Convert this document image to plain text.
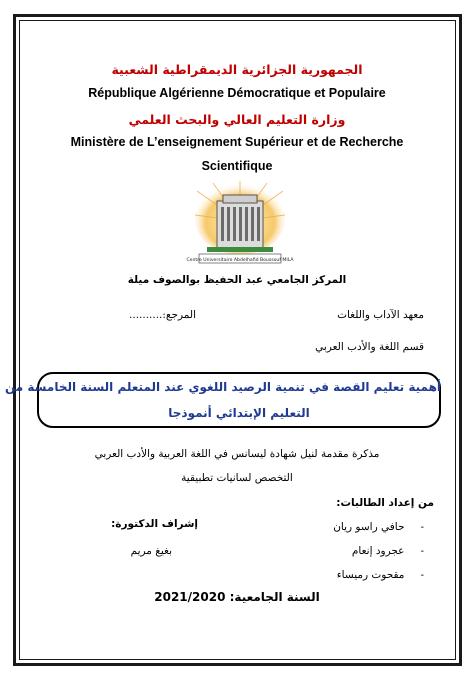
الجمهورية الجزائرية الديمقراطية الشعبية
République Algérienne Démocratique et Populaire
وزارة التعليم العالي والبحث العلمي
Ministère de L’enseignement Supérieur et de Recherche
Scientifique
Centre Universitaire Abdelhafid Boussouf MILA
المركز الجامعي عبد الحفيظ بوالصوف ميلة
معهد الآداب واللغات
المرجع:..........
قسم اللغة والأدب العربي
أهمية تعليم القصة في تنمية الرصيد اللغوي عند المتعلم السنة الخامسة من
التعليم الإبتدائي أنموذجا
مذكرة مقدمة لنيل شهادة ليسانس في اللغة العربية والأدب العربي
التخصص لسانيات تطبيقية
من إعداد الطالبات:
-حافي راسو ريان
-عجرود إنعام
-مقحوت رميساء
إشراف الدكتورة:
بغيغ مريم
السنة الجامعية: 2021/2020
